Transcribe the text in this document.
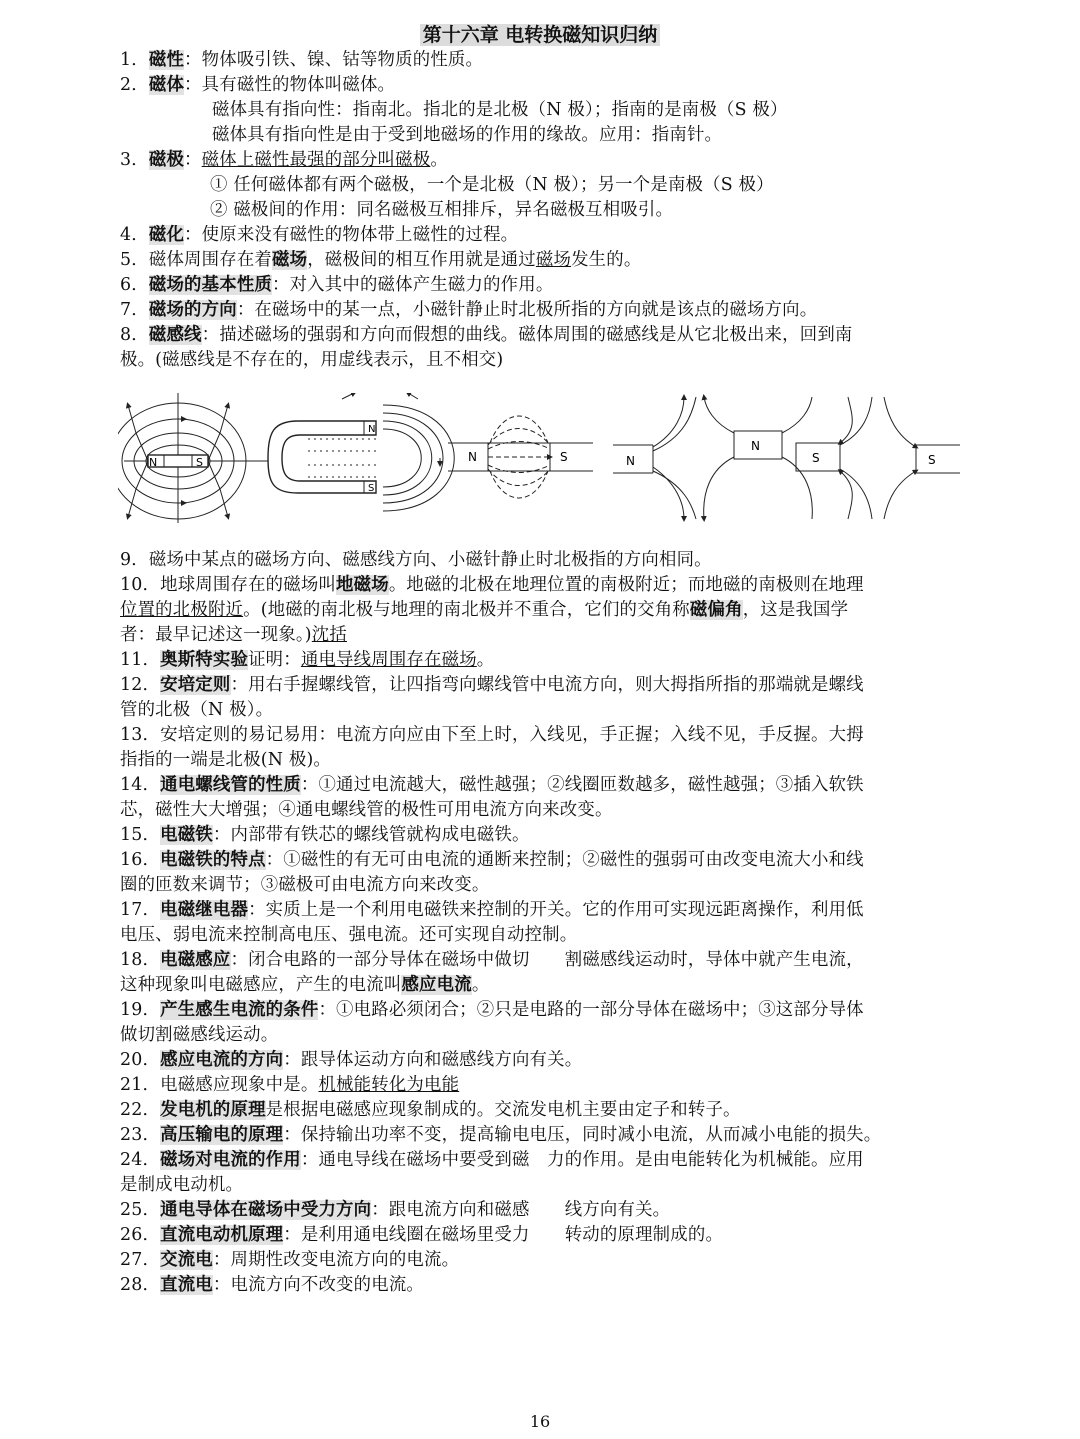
第十六章 电转换磁知识归纳
1．磁性：物体吸引铁、镍、钴等物质的性质。
2．磁体：具有磁性的物体叫磁体。
磁体具有指向性：指南北。指北的是北极（N 极）；指南的是南极（S 极）
磁体具有指向性是由于受到地磁场的作用的缘故。应用：指南针。
3．磁极：磁体上磁性最强的部分叫磁极。
① 任何磁体都有两个磁极，一个是北极（N 极）；另一个是南极（S 极）
② 磁极间的作用：同名磁极互相排斥，异名磁极互相吸引。
4．磁化：使原来没有磁性的物体带上磁性的过程。
5．磁体周围存在着磁场，磁极间的相互作用就是通过磁场发生的。
6．磁场的基本性质：对入其中的磁体产生磁力的作用。
7．磁场的方向：在磁场中的某一点，小磁针静止时北极所指的方向就是该点的磁场方向。
8．磁感线：描述磁场的强弱和方向而假想的曲线。磁体周围的磁感线是从它北极出来，回到南
极。(磁感线是不存在的，用虚线表示，且不相交)
9．磁场中某点的磁场方向、磁感线方向、小磁针静止时北极指的方向相同。
10．地球周围存在的磁场叫地磁场。地磁的北极在地理位置的南极附近；而地磁的南极则在地理
位置的北极附近。(地磁的南北极与地理的南北极并不重合，它们的交角称磁偏角，这是我国学
者：最早记述这一现象。)沈括
11．奥斯特实验证明：通电导线周围存在磁场。
12．安培定则：用右手握螺线管，让四指弯向螺线管中电流方向，则大拇指所指的那端就是螺线
管的北极（N 极）。
13．安培定则的易记易用：电流方向应由下至上时，入线见，手正握；入线不见，手反握。大拇
指指的一端是北极(N 极)。
14．通电螺线管的性质：①通过电流越大，磁性越强；②线圈匝数越多，磁性越强；③插入软铁
芯，磁性大大增强；④通电螺线管的极性可用电流方向来改变。
15．电磁铁：内部带有铁芯的螺线管就构成电磁铁。
16．电磁铁的特点：①磁性的有无可由电流的通断来控制；②磁性的强弱可由改变电流大小和线
圈的匝数来调节；③磁极可由电流方向来改变。
17．电磁继电器：实质上是一个利用电磁铁来控制的开关。它的作用可实现远距离操作，利用低
电压、弱电流来控制高电压、强电流。还可实现自动控制。
18．电磁感应：闭合电路的一部分导体在磁场中做切　　割磁感线运动时，导体中就产生电流，
这种现象叫电磁感应，产生的电流叫感应电流。
19．产生感生电流的条件：①电路必须闭合；②只是电路的一部分导体在磁场中；③这部分导体
做切割磁感线运动。
20．感应电流的方向：跟导体运动方向和磁感线方向有关。
21．电磁感应现象中是。机械能转化为电能
22．发电机的原理是根据电磁感应现象制成的。交流发电机主要由定子和转子。
23．高压输电的原理：保持输出功率不变，提高输电电压，同时减小电流，从而减小电能的损失。
24．磁场对电流的作用：通电导线在磁场中要受到磁　力的作用。是由电能转化为机械能。应用
是制成电动机。
25．通电导体在磁场中受力方向：跟电流方向和磁感　　线方向有关。
26．直流电动机原理：是利用通电线圈在磁场里受力　　转动的原理制成的。
27．交流电：周期性改变电流方向的电流。
28．直流电：电流方向不改变的电流。
N	S
N
S
N	S	N
N
S	S
16
